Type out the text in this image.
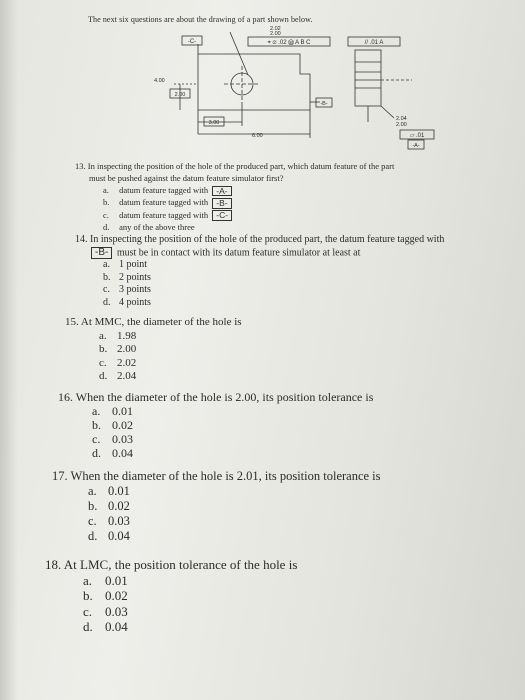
The next six questions are about the drawing of a part shown below.
-C-
2.02
2.00
⌖ ∅ .02 Ⓜ A B C	// .01 A
4.00
2.00
-B-
3.00
6.00
2.04
2.00
▱ .01
-A-
13. In inspecting the position of the hole of the produced part, which datum feature of the part
must be pushed against the datum feature simulator first?
a. datum feature tagged with -A-
b. datum feature tagged with -B-
c. datum feature tagged with -C-
d. any of the above three
14. In inspecting the position of the hole of the produced part, the datum feature tagged with
-B- must be in contact with its datum feature simulator at least at
a. 1 point
b. 2 points
c. 3 points
d. 4 points
15. At MMC, the diameter of the hole is
a. 1.98
b. 2.00
c. 2.02
d. 2.04
16. When the diameter of the hole is 2.00, its position tolerance is
a. 0.01
b. 0.02
c. 0.03
d. 0.04
17. When the diameter of the hole is 2.01, its position tolerance is
a. 0.01
b. 0.02
c. 0.03
d. 0.04
18. At LMC, the position tolerance of the hole is
a. 0.01
b. 0.02
c. 0.03
d. 0.04
